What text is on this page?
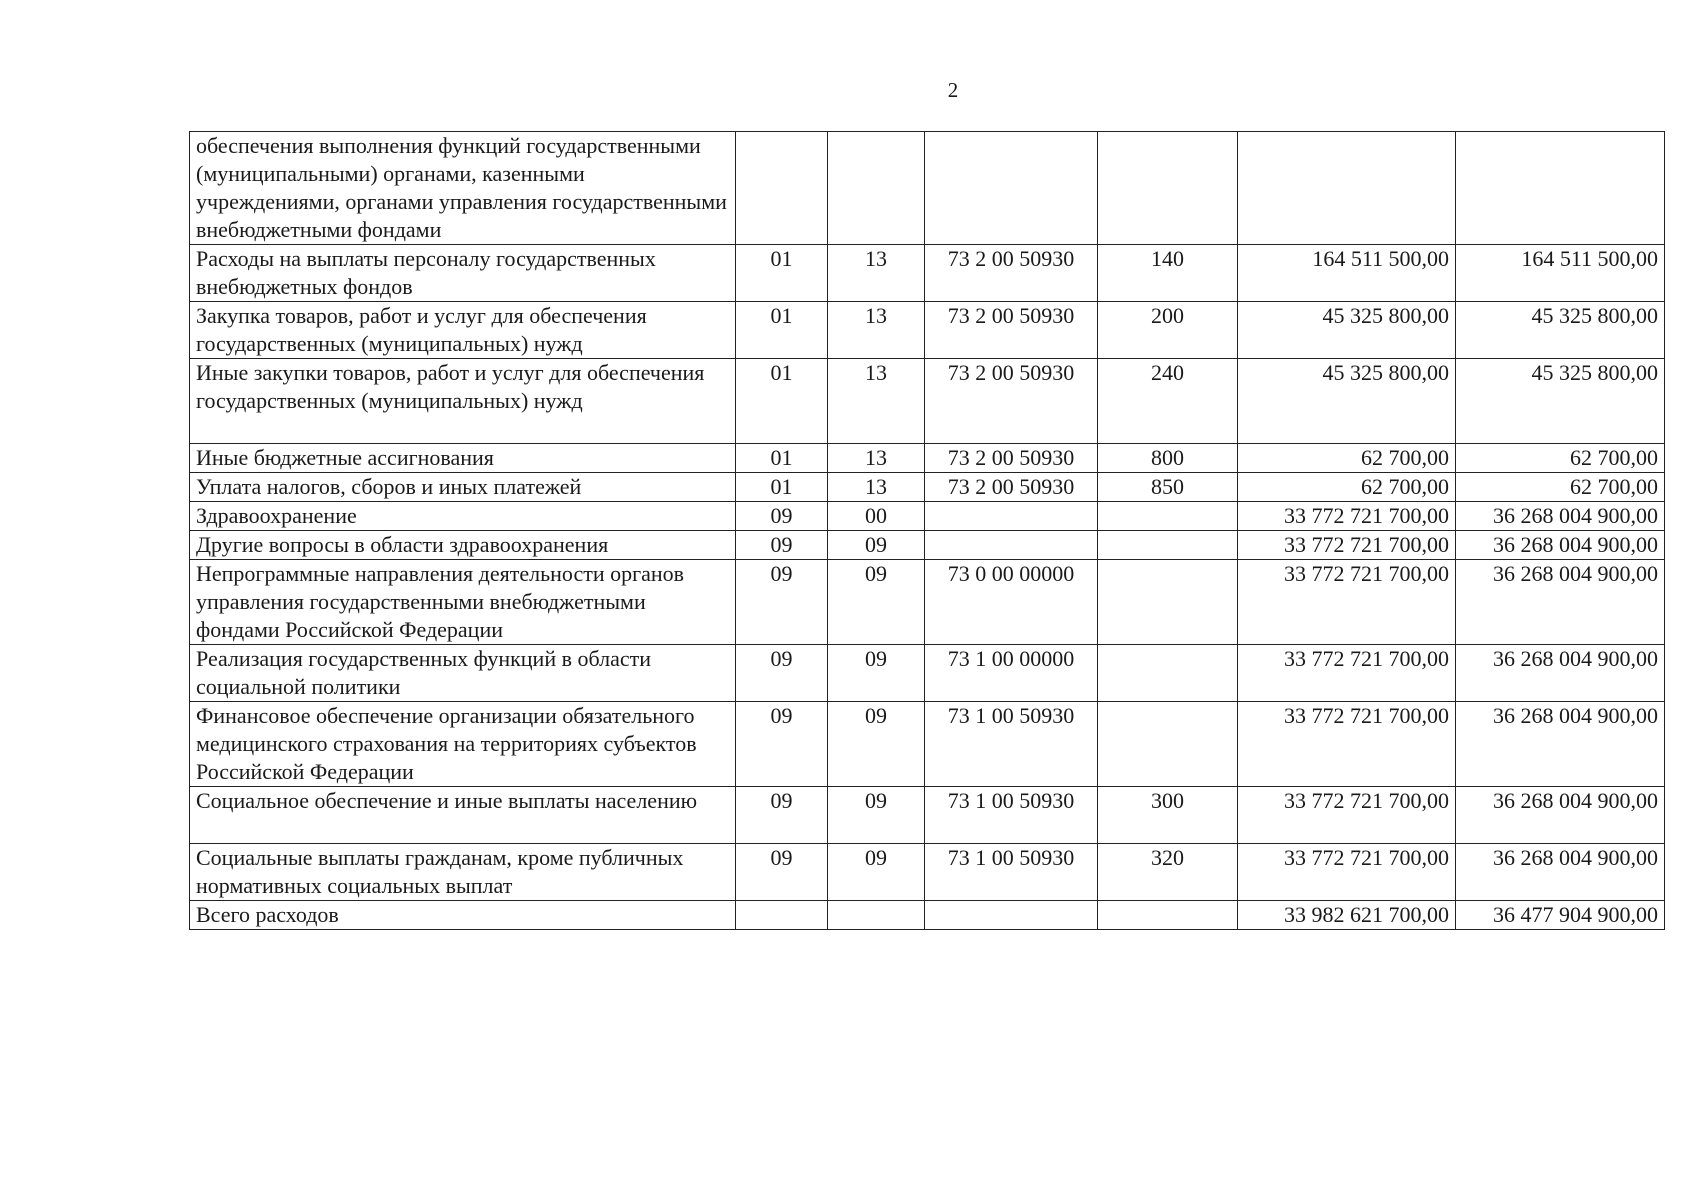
2
обеспечения выполнения функций государственными (муниципальными) органами, казенными учреждениями, органами управления государственными внебюджетными фондами						
Расходы на выплаты персоналу государственных внебюджетных фондов	01	13	73 2 00 50930	140	164 511 500,00	164 511 500,00
Закупка товаров, работ и услуг для обеспечения государственных (муниципальных) нужд	01	13	73 2 00 50930	200	45 325 800,00	45 325 800,00
Иные закупки товаров, работ и услуг для обеспечения государственных (муниципальных) нужд	01	13	73 2 00 50930	240	45 325 800,00	45 325 800,00
Иные бюджетные ассигнования	01	13	73 2 00 50930	800	62 700,00	62 700,00
Уплата налогов, сборов и иных платежей	01	13	73 2 00 50930	850	62 700,00	62 700,00
Здравоохранение	09	00			33 772 721 700,00	36 268 004 900,00
Другие вопросы в области здравоохранения	09	09			33 772 721 700,00	36 268 004 900,00
Непрограммные направления деятельности органов управления государственными внебюджетными фондами Российской Федерации	09	09	73 0 00 00000		33 772 721 700,00	36 268 004 900,00
Реализация государственных функций в области социальной политики	09	09	73 1 00 00000		33 772 721 700,00	36 268 004 900,00
Финансовое обеспечение организации обязательного медицинского страхования на территориях субъектов Российской Федерации	09	09	73 1 00 50930		33 772 721 700,00	36 268 004 900,00
Социальное обеспечение и иные выплаты населению	09	09	73 1 00 50930	300	33 772 721 700,00	36 268 004 900,00
Социальные выплаты гражданам, кроме публичных нормативных социальных выплат	09	09	73 1 00 50930	320	33 772 721 700,00	36 268 004 900,00
Всего расходов					33 982 621 700,00	36 477 904 900,00
